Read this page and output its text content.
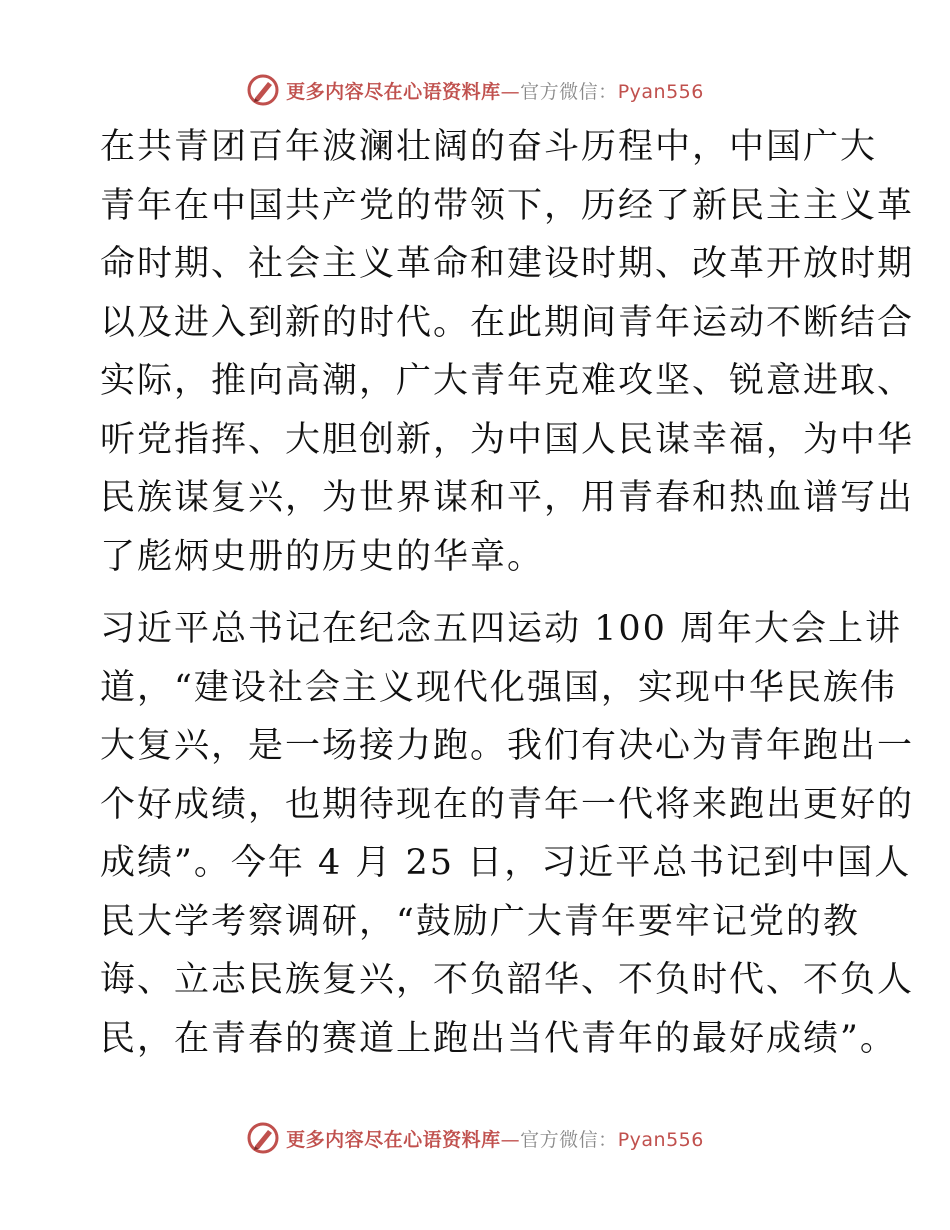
更多内容尽在心语资料库—官方微信：Pyan556

在共青团百年波澜壮阔的奋斗历程中，中国广大
青年在中国共产党的带领下，历经了新民主主义革
命时期、社会主义革命和建设时期、改革开放时期
以及进入到新的时代。在此期间青年运动不断结合
实际，推向高潮，广大青年克难攻坚、锐意进取、
听党指挥、大胆创新，为中国人民谋幸福，为中华
民族谋复兴，为世界谋和平，用青春和热血谱写出
了彪炳史册的历史的华章。

习近平总书记在纪念五四运动 100 周年大会上讲
道，“建设社会主义现代化强国，实现中华民族伟
大复兴，是一场接力跑。我们有决心为青年跑出一
个好成绩，也期待现在的青年一代将来跑出更好的
成绩”。今年 4 月 25 日，习近平总书记到中国人
民大学考察调研，“鼓励广大青年要牢记党的教
诲、立志民族复兴，不负韶华、不负时代、不负人
民，在青春的赛道上跑出当代青年的最好成绩”。

更多内容尽在心语资料库—官方微信：Pyan556
